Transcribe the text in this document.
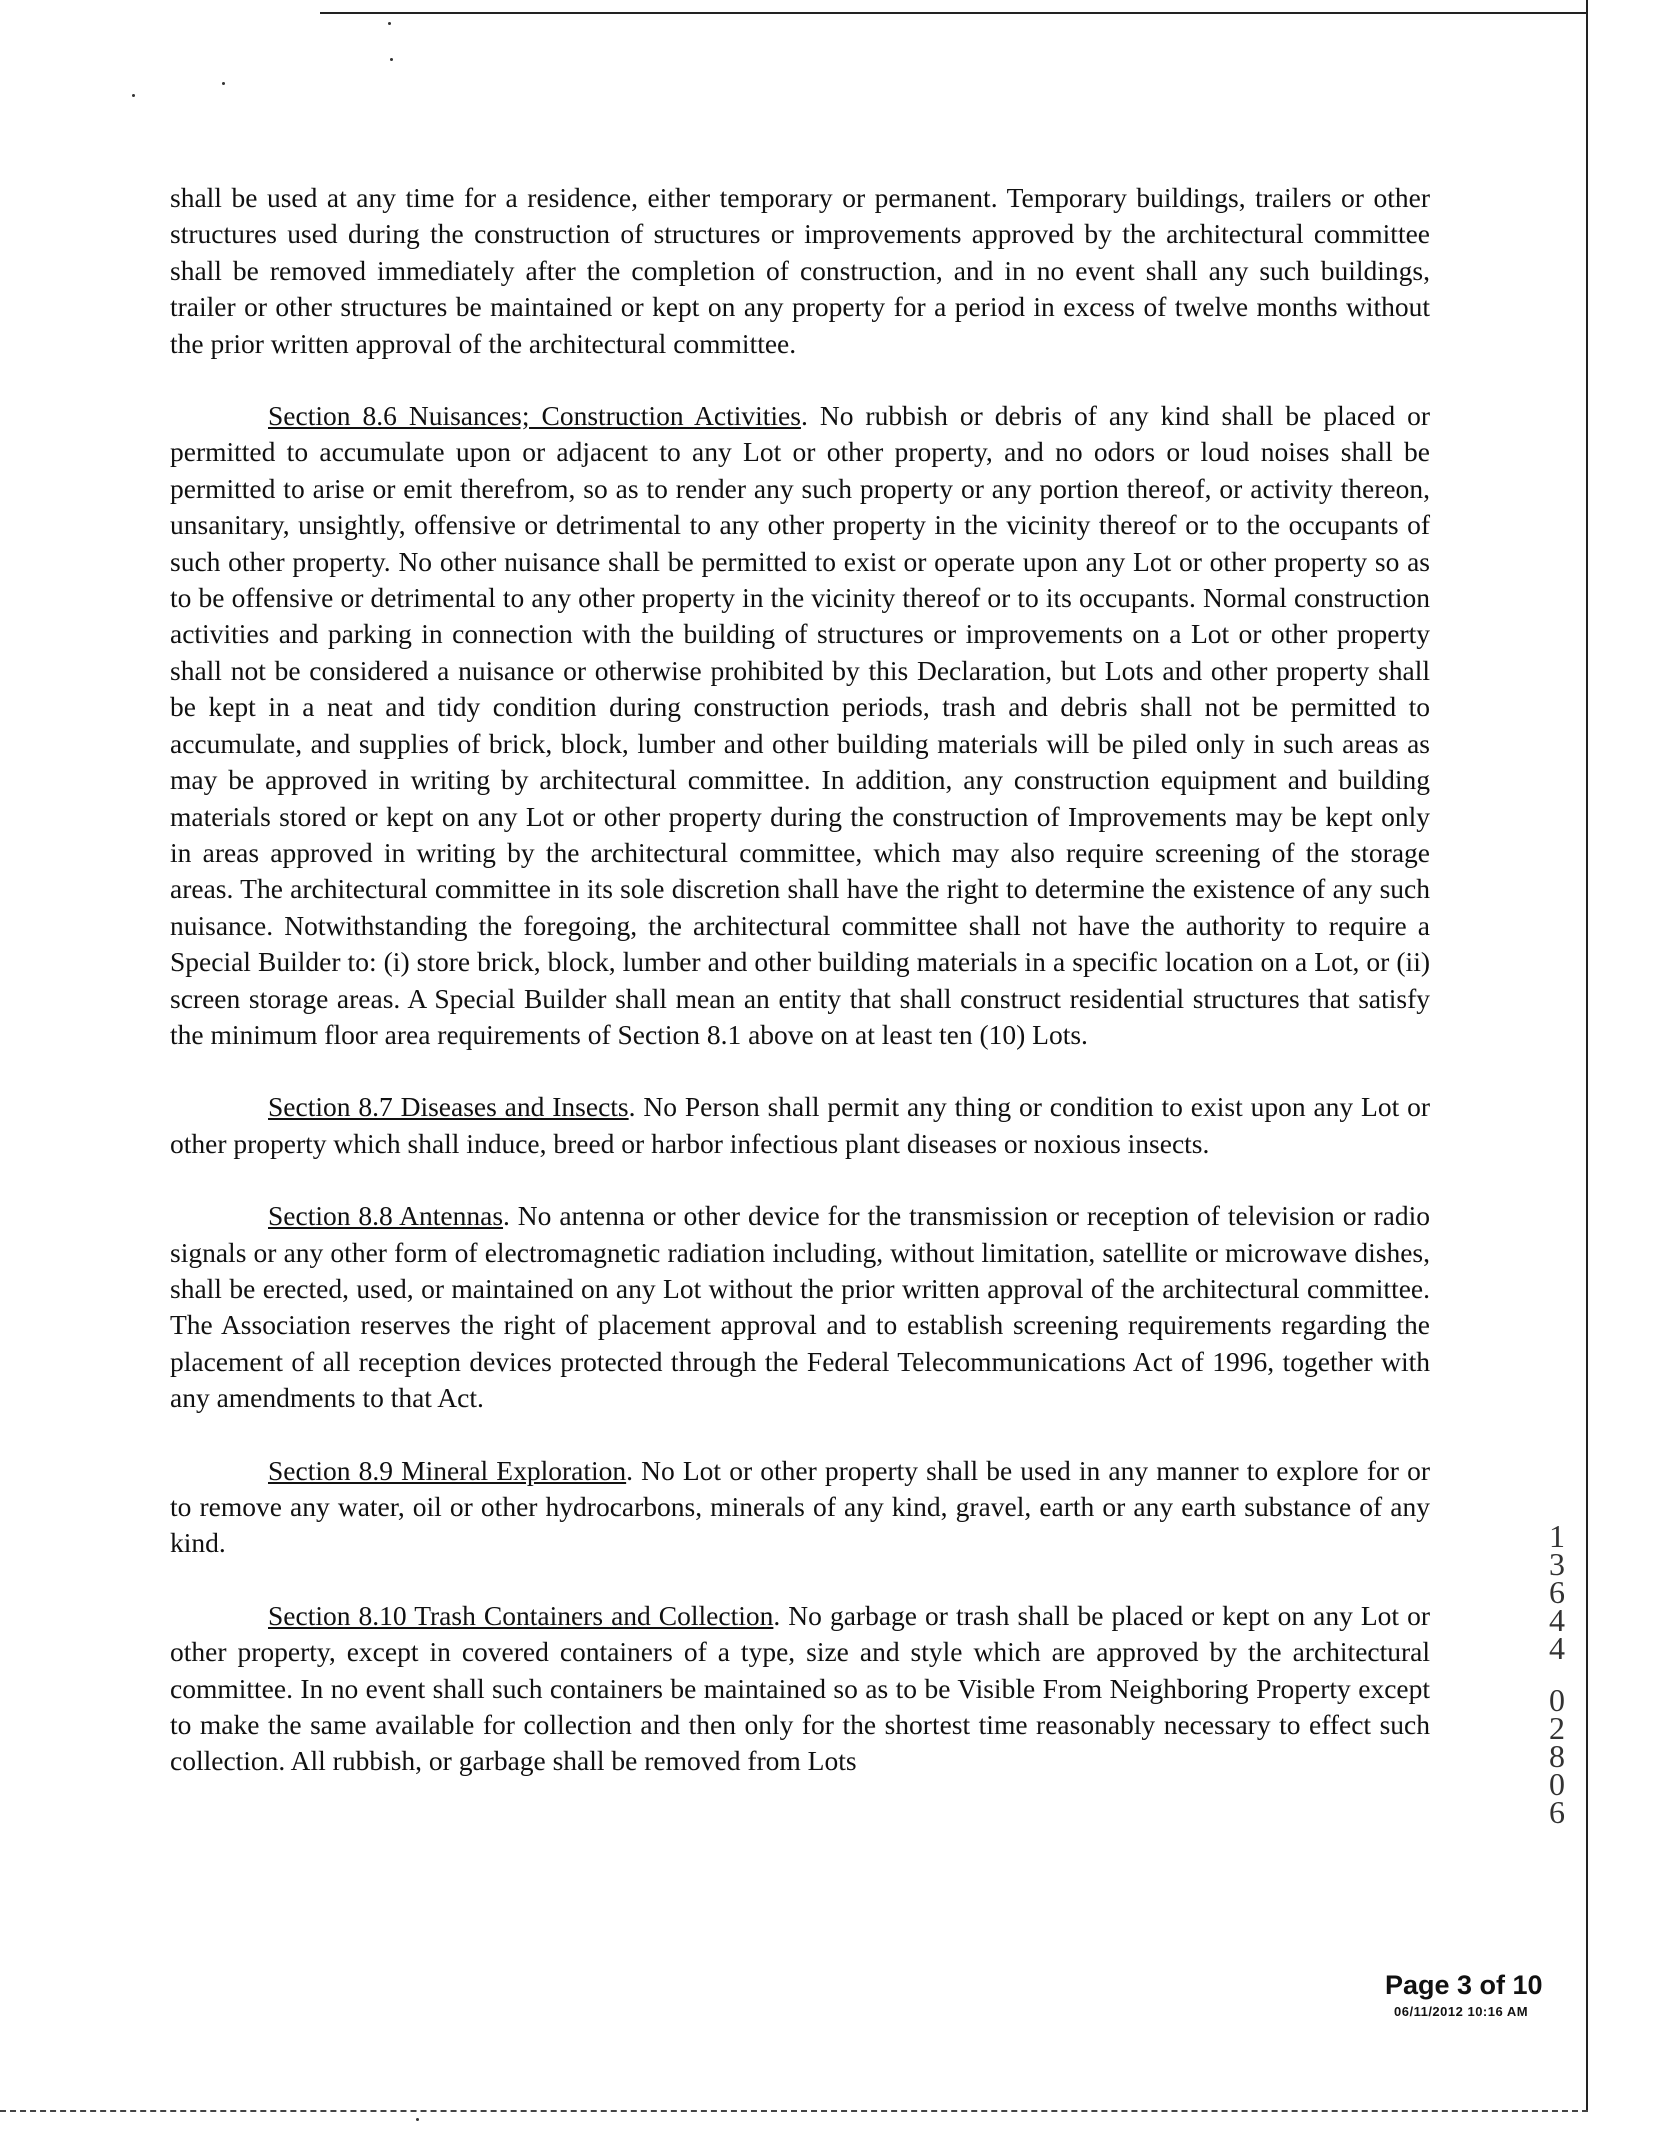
shall be used at any time for a residence, either temporary or permanent. Temporary buildings, trailers or other structures used during the construction of structures or improvements approved by the architectural committee shall be removed immediately after the completion of construction, and in no event shall any such buildings, trailer or other structures be maintained or kept on any property for a period in excess of twelve months without the prior written approval of the architectural committee.

Section 8.6 Nuisances; Construction Activities. No rubbish or debris of any kind shall be placed or permitted to accumulate upon or adjacent to any Lot or other property, and no odors or loud noises shall be permitted to arise or emit therefrom, so as to render any such property or any portion thereof, or activity thereon, unsanitary, unsightly, offensive or detrimental to any other property in the vicinity thereof or to the occupants of such other property. No other nuisance shall be permitted to exist or operate upon any Lot or other property so as to be offensive or detrimental to any other property in the vicinity thereof or to its occupants. Normal construction activities and parking in connection with the building of structures or improvements on a Lot or other property shall not be considered a nuisance or otherwise prohibited by this Declaration, but Lots and other property shall be kept in a neat and tidy condition during construction periods, trash and debris shall not be permitted to accumulate, and supplies of brick, block, lumber and other building materials will be piled only in such areas as may be approved in writing by architectural committee. In addition, any construction equipment and building materials stored or kept on any Lot or other property during the construction of Improvements may be kept only in areas approved in writing by the architectural committee, which may also require screening of the storage areas. The architectural committee in its sole discretion shall have the right to determine the existence of any such nuisance. Notwithstanding the foregoing, the architectural committee shall not have the authority to require a Special Builder to: (i) store brick, block, lumber and other building materials in a specific location on a Lot, or (ii) screen storage areas. A Special Builder shall mean an entity that shall construct residential structures that satisfy the minimum floor area requirements of Section 8.1 above on at least ten (10) Lots.

Section 8.7 Diseases and Insects. No Person shall permit any thing or condition to exist upon any Lot or other property which shall induce, breed or harbor infectious plant diseases or noxious insects.

Section 8.8 Antennas. No antenna or other device for the transmission or reception of television or radio signals or any other form of electromagnetic radiation including, without limitation, satellite or microwave dishes, shall be erected, used, or maintained on any Lot without the prior written approval of the architectural committee. The Association reserves the right of placement approval and to establish screening requirements regarding the placement of all reception devices protected through the Federal Telecommunications Act of 1996, together with any amendments to that Act.

Section 8.9 Mineral Exploration. No Lot or other property shall be used in any manner to explore for or to remove any water, oil or other hydrocarbons, minerals of any kind, gravel, earth or any earth substance of any kind.

Section 8.10 Trash Containers and Collection. No garbage or trash shall be placed or kept on any Lot or other property, except in covered containers of a type, size and style which are approved by the architectural committee. In no event shall such containers be maintained so as to be Visible From Neighboring Property except to make the same available for collection and then only for the shortest time reasonably necessary to effect such collection. All rubbish, or garbage shall be removed from Lots

1
3
6
4
4
0
2
8
0
6
Page 3 of 10
06/11/2012 10:16 AM
